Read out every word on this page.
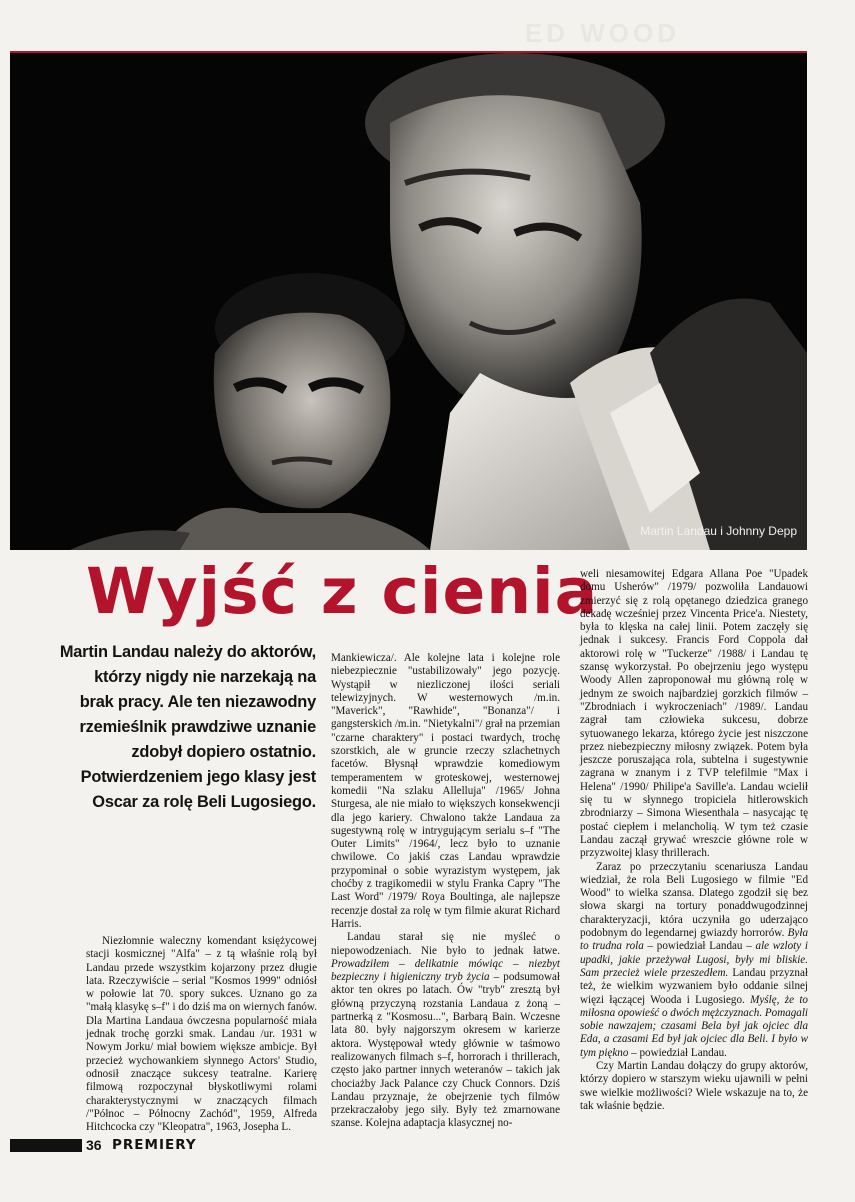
ED WOOD
Martin Landau i Johnny Depp
Wyjść z cienia

Martin Landau należy do aktorów, którzy nigdy nie narzekają na brak pracy. Ale ten niezawodny rzemieślnik prawdziwe uznanie zdobył dopiero ostatnio. Potwierdzeniem jego klasy jest Oscar za rolę Beli Lugosiego.

Niezłomnie waleczny komendant księżycowej stacji kosmicznej "Alfa" – z tą właśnie rolą był Landau przede wszystkim kojarzony przez długie lata. Rzeczywiście – serial "Kosmos 1999" odniósł w połowie lat 70. spory sukces. Uznano go za "małą klasykę s–f" i do dziś ma on wiernych fanów. Dla Martina Landaua ówczesna popularność miała jednak trochę gorzki smak. Landau /ur. 1931 w Nowym Jorku/ miał bowiem większe ambicje. Był przecież wychowankiem słynnego Actors' Studio, odnosił znaczące sukcesy teatralne. Karierę filmową rozpoczynał błyskotliwymi rolami charakterystycznymi w znaczących filmach /"Północ – Północny Zachód", 1959, Alfreda Hitchcocka czy "Kleopatra", 1963, Josepha L.

Mankiewicza/. Ale kolejne lata i kolejne role niebezpiecznie "ustabilizowały" jego pozycję. Wystąpił w niezliczonej ilości seriali telewizyjnych. W westernowych /m.in. "Maverick", "Rawhide", "Bonanza"/ i gangsterskich /m.in. "Nietykalni"/ grał na przemian "czarne charaktery" i postaci twardych, trochę szorstkich, ale w gruncie rzeczy szlachetnych facetów. Błysnął wprawdzie komediowym temperamentem w groteskowej, westernowej komedii "Na szlaku Allelluja" /1965/ Johna Sturgesa, ale nie miało to większych konsekwencji dla jego kariery. Chwalono także Landaua za sugestywną rolę w intrygującym serialu s–f "The Outer Limits" /1964/, lecz było to uznanie chwilowe. Co jakiś czas Landau wprawdzie przypominał o sobie wyrazistym występem, jak choćby z tragikomedii w stylu Franka Capry "The Last Word" /1979/ Roya Boultinga, ale najlepsze recenzje dostał za rolę w tym filmie akurat Richard Harris.

Landau starał się nie myśleć o niepowodzeniach. Nie było to jednak łatwe. Prowadziłem – delikatnie mówiąc – niezbyt bezpieczny i higieniczny tryb życia – podsumował aktor ten okres po latach. Ów "tryb" zresztą był główną przyczyną rozstania Landaua z żoną – partnerką z "Kosmosu...", Barbarą Bain. Wczesne lata 80. były najgorszym okresem w karierze aktora. Występował wtedy głównie w taśmowo realizowanych filmach s–f, horrorach i thrillerach, często jako partner innych weteranów – takich jak chociażby Jack Palance czy Chuck Connors. Dziś Landau przyznaje, że obejrzenie tych filmów przekraczałoby jego siły. Były też zmarnowane szanse. Kolejna adaptacja klasycznej no-

weli niesamowitej Edgara Allana Poe "Upadek domu Usherów" /1979/ pozwoliła Landauowi zmierzyć się z rolą opętanego dziedzica granego dekadę wcześniej przez Vincenta Price'a. Niestety, była to klęska na całej linii. Potem zaczęły się jednak i sukcesy. Francis Ford Coppola dał aktorowi rolę w "Tuckerze" /1988/ i Landau tę szansę wykorzystał. Po obejrzeniu jego występu Woody Allen zaproponował mu główną rolę w jednym ze swoich najbardziej gorzkich filmów – "Zbrodniach i wykroczeniach" /1989/. Landau zagrał tam człowieka sukcesu, dobrze sytuowanego lekarza, którego życie jest niszczone przez niebezpieczny miłosny związek. Potem była jeszcze poruszająca rola, subtelna i sugestywnie zagrana w znanym i z TVP telefilmie "Max i Helena" /1990/ Philipe'a Saville'a. Landau wcielił się tu w słynnego tropiciela hitlerowskich zbrodniarzy – Simona Wiesenthala – nasycając tę postać ciepłem i melancholią. W tym też czasie Landau zaczął grywać wreszcie główne role w przyzwoitej klasy thrillerach.

Zaraz po przeczytaniu scenariusza Landau wiedział, że rola Beli Lugosiego w filmie "Ed Wood" to wielka szansa. Dlatego zgodził się bez słowa skargi na tortury ponaddwugodzinnej charakteryzacji, która uczyniła go uderzająco podobnym do legendarnej gwiazdy horrorów. Była to trudna rola – powiedział Landau – ale wzloty i upadki, jakie przeżywał Lugosi, były mi bliskie. Sam przecież wiele przeszedłem. Landau przyznał też, że wielkim wyzwaniem było oddanie silnej więzi łączącej Wooda i Lugosiego. Myślę, że to miłosna opowieść o dwóch mężczyznach. Pomagali sobie nawzajem; czasami Bela był jak ojciec dla Eda, a czasami Ed był jak ojciec dla Beli. I było w tym piękno – powiedział Landau.

Czy Martin Landau dołączy do grupy aktorów, którzy dopiero w starszym wieku ujawnili w pełni swe wielkie możliwości? Wiele wskazuje na to, że tak właśnie będzie.

36 PREMIERY
